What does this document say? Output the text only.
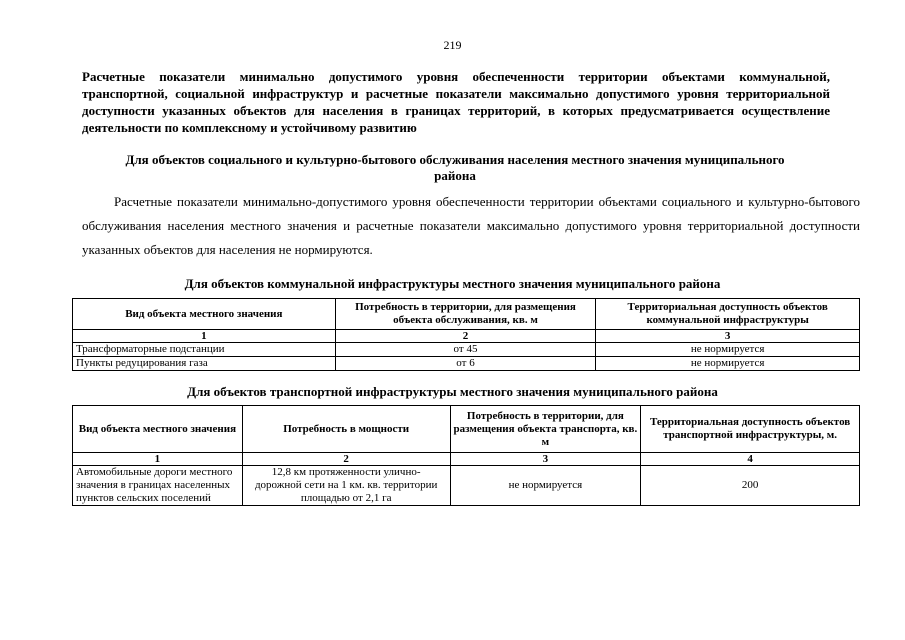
219
Расчетные показатели минимально допустимого уровня обеспеченности территории объектами коммунальной, транспортной, социальной инфраструктур и расчетные показатели максимально допустимого уровня территориальной доступности указанных объектов для населения в границах территорий, в которых предусматривается осуществление деятельности по комплексному и устойчивому развитию
Для объектов социального и культурно-бытового обслуживания населения местного значения муниципального района
Расчетные показатели минимально-допустимого уровня обеспеченности территории объектами социального и культурно-бытового обслуживания населения местного значения и расчетные показатели максимально допустимого уровня территориальной доступности указанных объектов для населения не нормируются.
Для объектов коммунальной инфраструктуры местного значения муниципального района
Вид объекта местного значения	Потребность в территории, для размещения объекта обслуживания, кв. м	Территориальная доступность объектов коммунальной инфраструктуры
1	2	3
Трансформаторные подстанции	от 45	не нормируется
Пункты редуцирования газа	от 6	не нормируется
Для объектов транспортной инфраструктуры местного значения муниципального района
Вид объекта местного значения	Потребность в мощности	Потребность в территории, для размещения объекта транспорта, кв. м	Территориальная доступность объектов транспортной инфраструктуры, м.
1	2	3	4
Автомобильные дороги местного значения в границах населенных пунктов сельских поселений	12,8 км протяженности улично-дорожной сети на 1 км. кв. территории площадью от 2,1 га	не нормируется	200
